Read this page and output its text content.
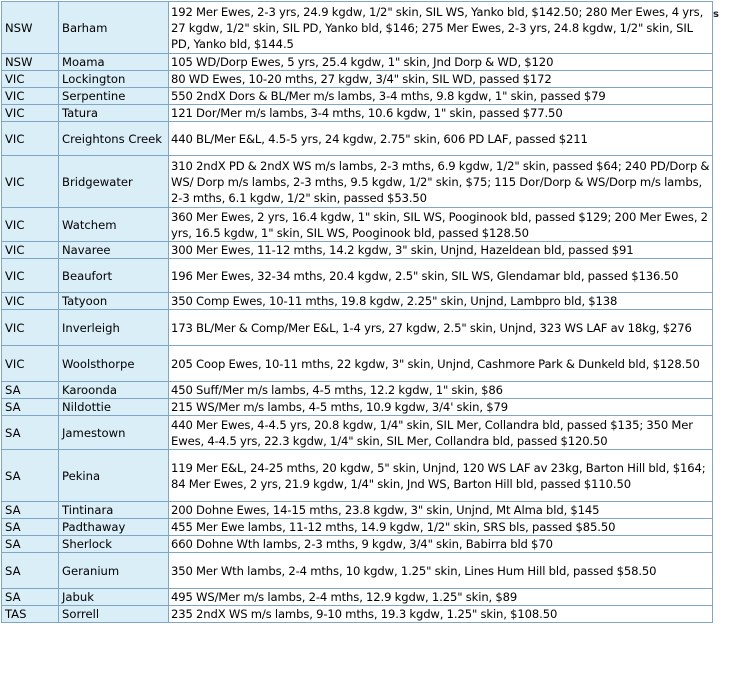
s
NSW	Barham	192 Mer Ewes, 2-3 yrs, 24.9 kgdw, 1/2" skin, SIL WS, Yanko bld, $142.50; 280 Mer Ewes, 4 yrs, 27 kgdw, 1/2" skin, SIL PD, Yanko bld, $146; 275 Mer Ewes, 2-3 yrs, 24.8 kgdw, 1/2" skin, SIL PD, Yanko bld, $144.5
NSW	Moama	105 WD/Dorp Ewes, 5 yrs, 25.4 kgdw, 1" skin, Jnd Dorp & WD, $120
VIC	Lockington	80 WD Ewes, 10-20 mths, 27 kgdw, 3/4" skin, SIL WD, passed $172
VIC	Serpentine	550 2ndX Dors & BL/Mer m/s lambs, 3-4 mths, 9.8 kgdw, 1" skin, passed $79
VIC	Tatura	121 Dor/Mer m/s lambs, 3-4 mths, 10.6 kgdw, 1" skin, passed $77.50
VIC	Creightons Creek	440 BL/Mer E&L, 4.5-5 yrs, 24 kgdw, 2.75" skin, 606 PD LAF, passed $211
VIC	Bridgewater	310 2ndX PD & 2ndX WS m/s lambs, 2-3 mths, 6.9 kgdw, 1/2" skin, passed $64; 240 PD/Dorp & WS/ Dorp m/s lambs, 2-3 mths, 9.5 kgdw, 1/2" skin, $75; 115 Dor/Dorp & WS/Dorp m/s lambs, 2-3 mths, 6.1 kgdw, 1/2" skin, passed $53.50
VIC	Watchem	360 Mer Ewes, 2 yrs, 16.4 kgdw, 1" skin, SIL WS, Pooginook bld, passed $129; 200 Mer Ewes, 2 yrs, 16.5 kgdw, 1" skin, SIL WS, Pooginook bld, passed $128.50
VIC	Navaree	300 Mer Ewes, 11-12 mths, 14.2 kgdw, 3" skin, Unjnd, Hazeldean bld, passed $91
VIC	Beaufort	196 Mer Ewes, 32-34 mths, 20.4 kgdw, 2.5" skin, SIL WS, Glendamar bld, passed $136.50
VIC	Tatyoon	350 Comp Ewes, 10-11 mths, 19.8 kgdw, 2.25" skin, Unjnd, Lambpro bld, $138
VIC	Inverleigh	173 BL/Mer & Comp/Mer E&L, 1-4 yrs, 27 kgdw, 2.5" skin, Unjnd, 323 WS LAF av 18kg, $276
VIC	Woolsthorpe	205 Coop Ewes, 10-11 mths, 22 kgdw, 3" skin, Unjnd, Cashmore Park & Dunkeld bld, $128.50
SA	Karoonda	450 Suff/Mer m/s lambs, 4-5 mths, 12.2 kgdw, 1" skin, $86
SA	Nildottie	215 WS/Mer m/s lambs, 4-5 mths, 10.9 kgdw, 3/4' skin, $79
SA	Jamestown	440 Mer Ewes, 4-4.5 yrs, 20.8 kgdw, 1/4" skin, SIL Mer, Collandra bld, passed $135; 350 Mer Ewes, 4-4.5 yrs, 22.3 kgdw, 1/4" skin, SIL Mer, Collandra bld, passed $120.50
SA	Pekina	119 Mer E&L, 24-25 mths, 20 kgdw, 5" skin, Unjnd, 120 WS LAF av 23kg, Barton Hill bld, $164; 84 Mer Ewes, 2 yrs, 21.9 kgdw, 1/4" skin, Jnd WS, Barton Hill bld, passed $110.50
SA	Tintinara	200 Dohne Ewes, 14-15 mths, 23.8 kgdw, 3" skin, Unjnd, Mt Alma bld, $145
SA	Padthaway	455 Mer Ewe lambs, 11-12 mths, 14.9 kgdw, 1/2" skin, SRS bls, passed $85.50
SA	Sherlock	660 Dohne Wth lambs, 2-3 mths, 9 kgdw, 3/4" skin, Babirra bld $70
SA	Geranium	350 Mer Wth lambs, 2-4 mths, 10 kgdw, 1.25" skin, Lines Hum Hill bld, passed $58.50
SA	Jabuk	495 WS/Mer m/s lambs, 2-4 mths, 12.9 kgdw, 1.25" skin, $89
TAS	Sorrell	235 2ndX WS m/s lambs, 9-10 mths, 19.3 kgdw, 1.25" skin, $108.50
